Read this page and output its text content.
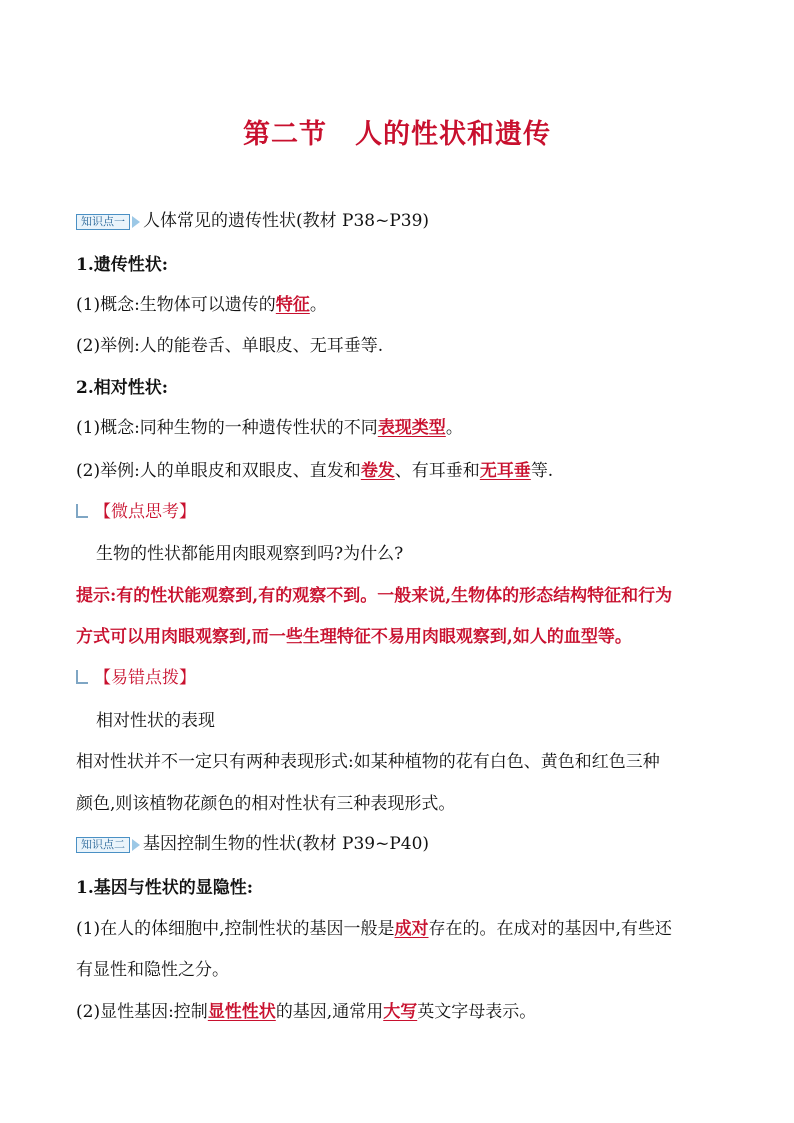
第二节　人的性状和遗传
知识点一 人体常见的遗传性状(教材 P38~P39)
1.遗传性状:
(1)概念:生物体可以遗传的特征。
(2)举例:人的能卷舌、单眼皮、无耳垂等.
2.相对性状:
(1)概念:同种生物的一种遗传性状的不同表现类型。
(2)举例:人的单眼皮和双眼皮、直发和卷发、有耳垂和无耳垂等.
【微点思考】
生物的性状都能用肉眼观察到吗?为什么?
提示:有的性状能观察到,有的观察不到。一般来说,生物体的形态结构特征和行为
方式可以用肉眼观察到,而一些生理特征不易用肉眼观察到,如人的血型等。
【易错点拨】
相对性状的表现
相对性状并不一定只有两种表现形式:如某种植物的花有白色、黄色和红色三种
颜色,则该植物花颜色的相对性状有三种表现形式。
知识点二 基因控制生物的性状(教材 P39~P40)
1.基因与性状的显隐性:
(1)在人的体细胞中,控制性状的基因一般是成对存在的。在成对的基因中,有些还
有显性和隐性之分。
(2)显性基因:控制显性性状的基因,通常用大写英文字母表示。
